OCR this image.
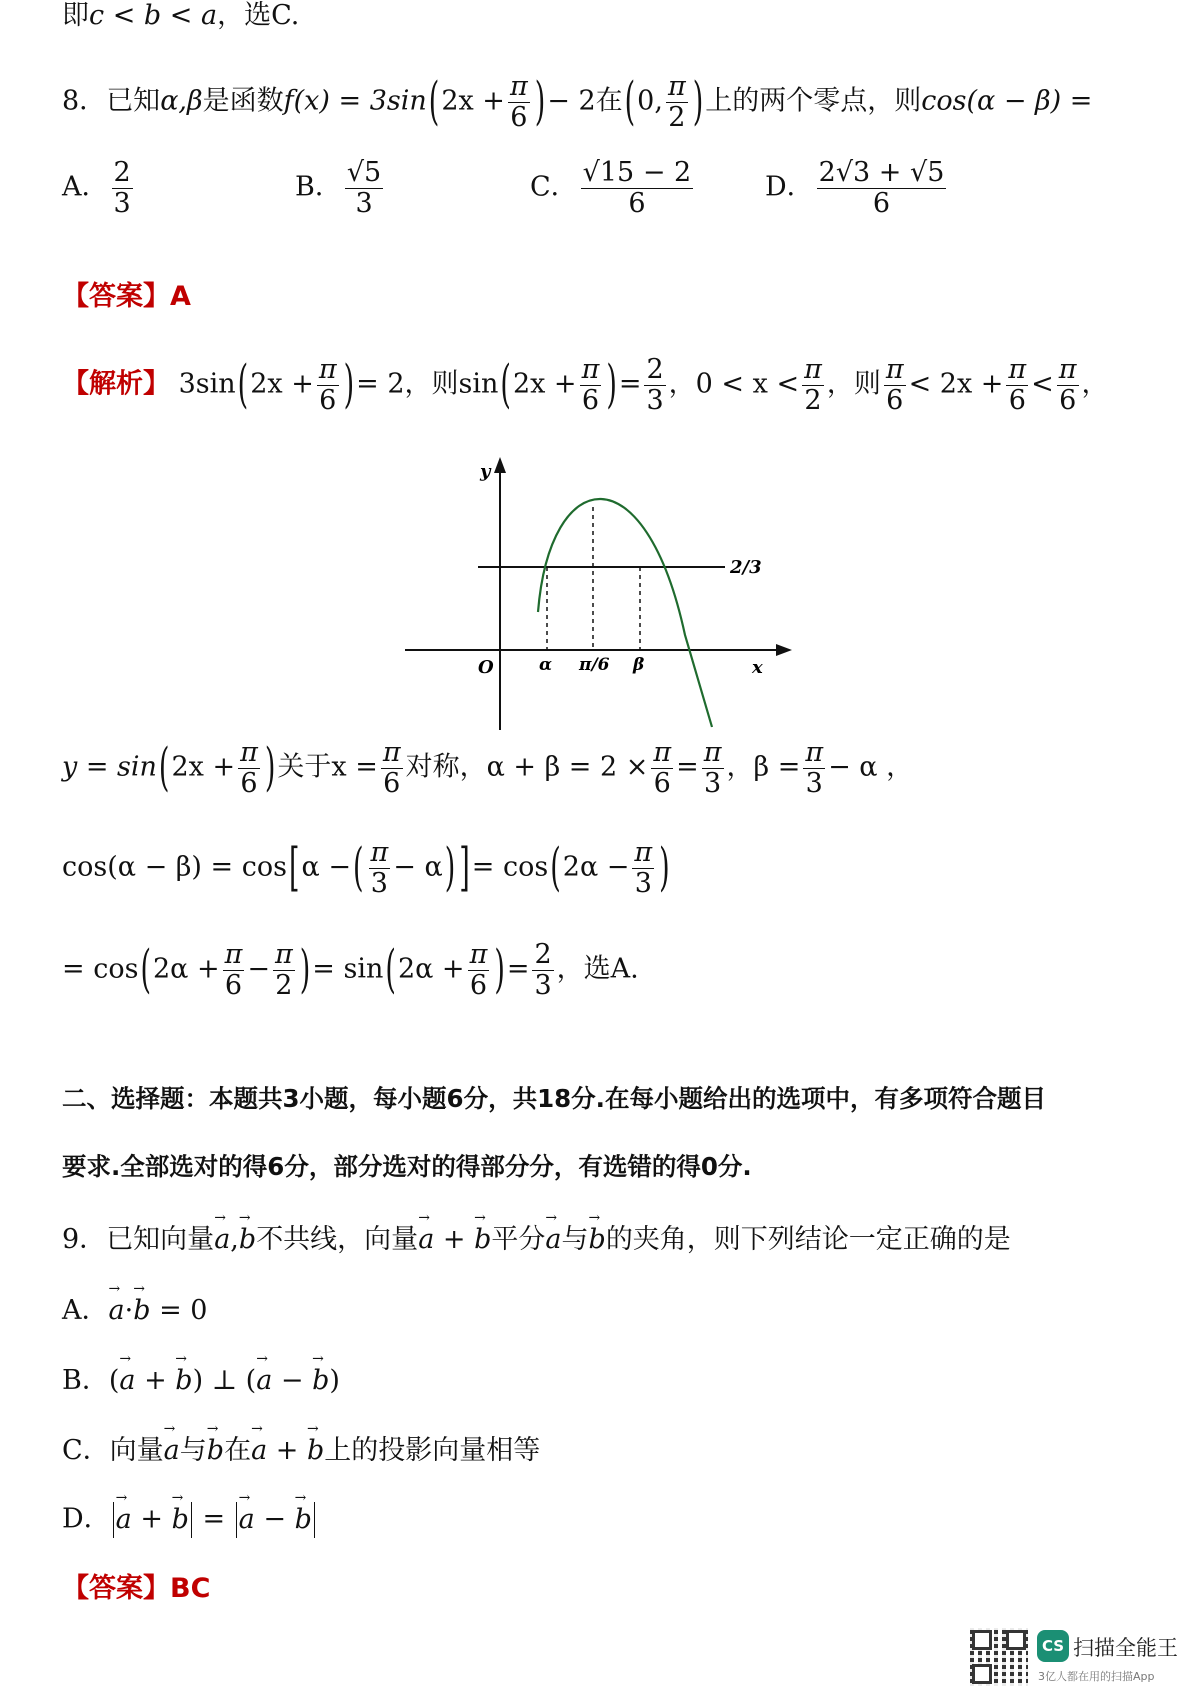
即c < b < a，选C.
8．已知α,β是函数$f(x) = 3\sin(2x + \frac{\pi}{6}$ )− 2在(0, $\frac{\pi}{2}$ )上的两个零点，则cos(α − β) =
A． $\frac{2}{3}$	B． $\frac{√5}{3}$	C． $\frac{√15 - 2}{6}$	D． $\frac{2√3 + √5}{6}$
【答案】A
【解析】 $3\sin(2x + \frac{\pi}{6}$ )= 2，则$\sin(2x + \frac{\pi}{6}$ )= $\frac{2}{3}$ ，$0 < x < \frac{\pi}{2}$ ，则 $\frac{\pi}{6} < 2x + \frac{\pi}{6} < \frac{\pi}{6}$ ，
y
x
O
2/3
α π/6 β
$y = \sin(2x + \frac{\pi}{6}$ )关于$x = \frac{\pi}{6}$ 对称，$\alpha + \beta = 2 \times \frac{\pi}{6} = \frac{\pi}{3}$ ，$\beta = \frac{\pi}{3} - \alpha$ ，
cos(α − β) = cos[α −( $\frac{\pi}{3} - \alpha$) ]= $\cos(2\alpha - \frac{\pi}{3}$ )
= $\cos(2\alpha + \frac{\pi}{6} - \frac{\pi}{2}$ )= $\sin(2\alpha + \frac{\pi}{6}$ )= $\frac{2}{3}$ ，选A.
二、选择题：本题共3小题，每小题6分，共18分.在每小题给出的选项中，有多项符合题目
要求.全部选对的得6分，部分选对的得部分分，有选错的得0分.
9．已知向量→ a,→ b不共线，向量→ a + → b平分→ a与→ b的夹角，则下列结论一定正确的是
A．→ a·→ b = 0
B．(→ a + → b) ⊥ (→ a − → b)
C．向量→ a与→ b在→ a + → b上的投影向量相等
D． → a + → b = → a − → b
【答案】BC
CS 扫描全能王
3亿人都在用的扫描App
